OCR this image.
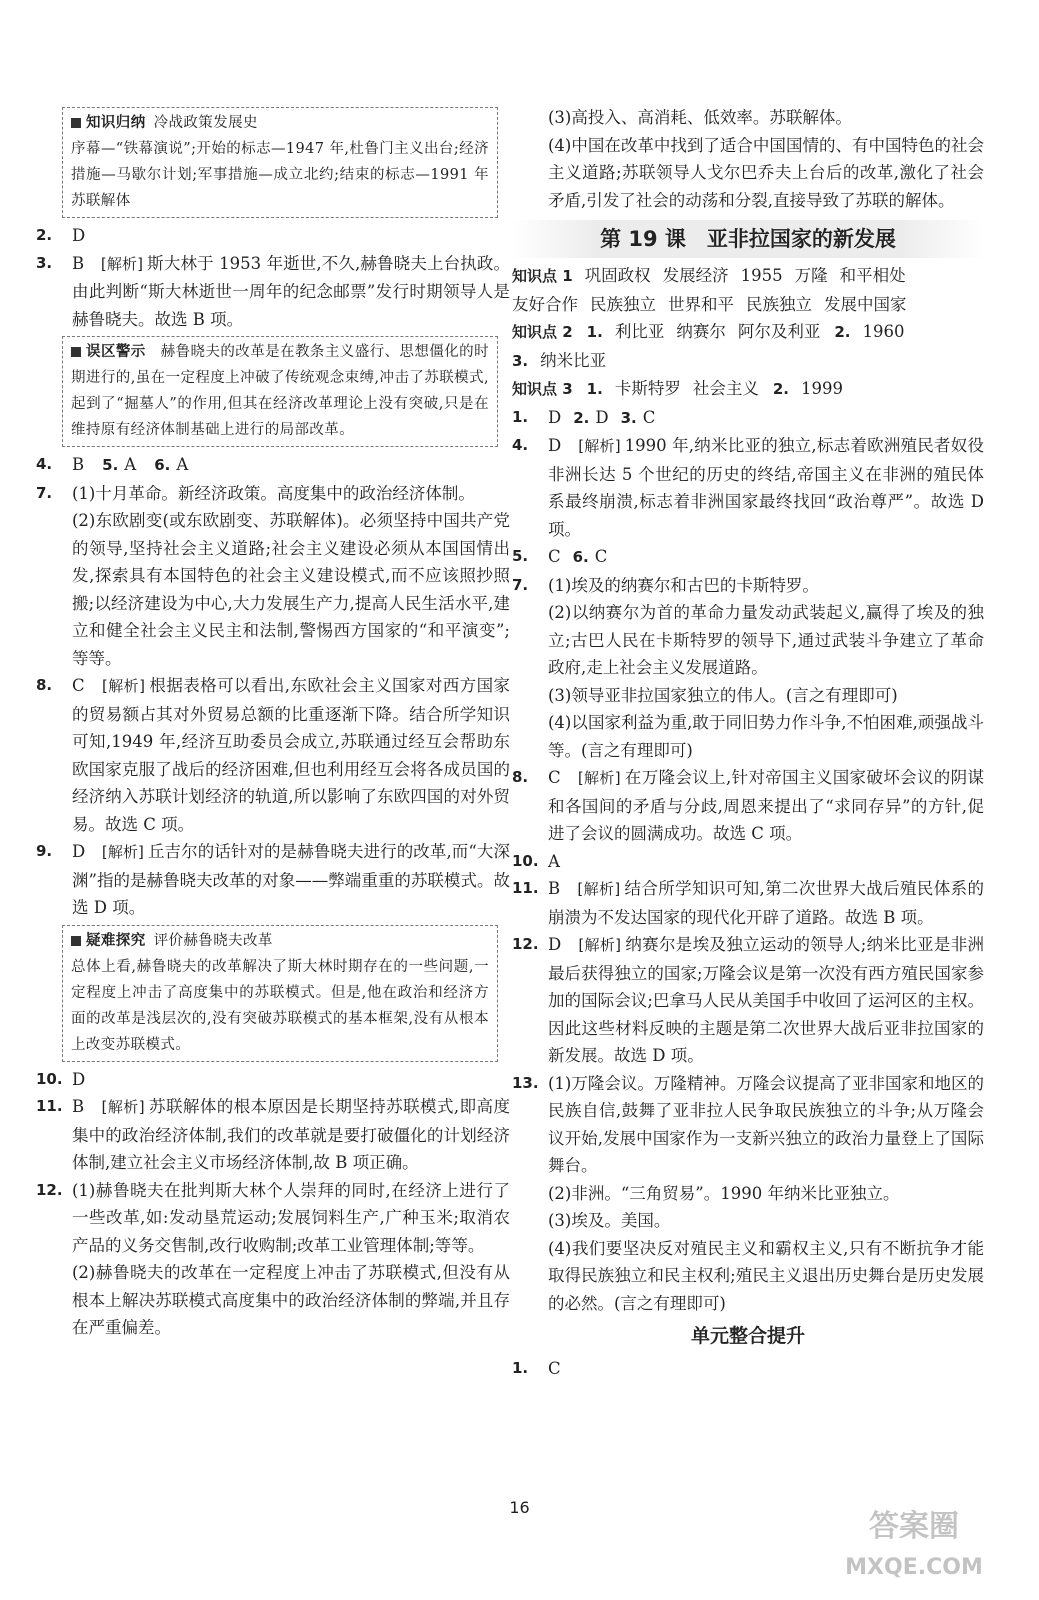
知识归纳 冷战政策发展史
序幕—“铁幕演说”;开始的标志—1947 年,杜鲁门主义出台;经济措施—马歇尔计划;军事措施—成立北约;结束的标志—1991 年苏联解体
2.	D
3.	B　 [解析] 斯大林于 1953 年逝世,不久,赫鲁晓夫上台执政。由此判断“斯大林逝世一周年的纪念邮票”发行时期领导人是赫鲁晓夫。故选 B 项。
误区警示　 赫鲁晓夫的改革是在教条主义盛行、思想僵化的时期进行的,虽在一定程度上冲破了传统观念束缚,冲击了苏联模式,起到了“掘墓人”的作用,但其在经济改革理论上没有突破,只是在维持原有经济体制基础上进行的局部改革。
4.	B 5. A 6. A
7.	(1)十月革命。新经济政策。高度集中的政治经济体制。

(2)东欧剧变(或东欧剧变、苏联解体)。必须坚持中国共产党的领导,坚持社会主义道路;社会主义建设必须从本国国情出发,探索具有本国特色的社会主义建设模式,而不应该照抄照搬;以经济建设为中心,大力发展生产力,提高人民生活水平,建立和健全社会主义民主和法制,警惕西方国家的“和平演变”;等等。

8.	C　 [解析] 根据表格可以看出,东欧社会主义国家对西方国家的贸易额占其对外贸易总额的比重逐渐下降。结合所学知识可知,1949 年,经济互助委员会成立,苏联通过经互会帮助东欧国家克服了战后的经济困难,但也利用经互会将各成员国的经济纳入苏联计划经济的轨道,所以影响了东欧四国的对外贸易。故选 C 项。
9.	D　 [解析] 丘吉尔的话针对的是赫鲁晓夫进行的改革,而“大深渊”指的是赫鲁晓夫改革的对象——弊端重重的苏联模式。故选 D 项。
疑难探究 评价赫鲁晓夫改革
总体上看,赫鲁晓夫的改革解决了斯大林时期存在的一些问题,一定程度上冲击了高度集中的苏联模式。但是,他在政治和经济方面的改革是浅层次的,没有突破苏联模式的基本框架,没有从根本上改变苏联模式。
10. D
11. B　 [解析] 苏联解体的根本原因是长期坚持苏联模式,即高度集中的政治经济体制,我们的改革就是要打破僵化的计划经济体制,建立社会主义市场经济体制,故 B 项正确。
12. (1)赫鲁晓夫在批判斯大林个人崇拜的同时,在经济上进行了一些改革,如:发动垦荒运动;发展饲料生产,广种玉米;取消农产品的义务交售制,改行收购制;改革工业管理体制;等等。

(2)赫鲁晓夫的改革在一定程度上冲击了苏联模式,但没有从根本上解决苏联模式高度集中的政治经济体制的弊端,并且存在严重偏差。

(3)高投入、高消耗、低效率。苏联解体。

(4)中国在改革中找到了适合中国国情的、有中国特色的社会主义道路;苏联领导人戈尔巴乔夫上台后的改革,激化了社会矛盾,引发了社会的动荡和分裂,直接导致了苏联的解体。

第 19 课　亚非拉国家的新发展
知识点 1 巩固政权 发展经济 1955 万隆 和平相处
友好合作 民族独立 世界和平 民族独立 发展中国家
知识点 2 1. 利比亚 纳赛尔 阿尔及利亚 2. 1960
3. 纳米比亚
知识点 3 1. 卡斯特罗 社会主义 2. 1999
1.	D 2. D 3. C
4.	D　 [解析] 1990 年,纳米比亚的独立,标志着欧洲殖民者奴役非洲长达 5 个世纪的历史的终结,帝国主义在非洲的殖民体系最终崩溃,标志着非洲国家最终找回“政治尊严”。故选 D 项。
5.	C 6. C
7.	(1)埃及的纳赛尔和古巴的卡斯特罗。

(2)以纳赛尔为首的革命力量发动武装起义,赢得了埃及的独立;古巴人民在卡斯特罗的领导下,通过武装斗争建立了革命政府,走上社会主义发展道路。

(3)领导亚非拉国家独立的伟人。(言之有理即可)

(4)以国家利益为重,敢于同旧势力作斗争,不怕困难,顽强战斗等。(言之有理即可)

8.	C　 [解析] 在万隆会议上,针对帝国主义国家破坏会议的阴谋和各国间的矛盾与分歧,周恩来提出了“求同存异”的方针,促进了会议的圆满成功。故选 C 项。
10. A
11. B　 [解析] 结合所学知识可知,第二次世界大战后殖民体系的崩溃为不发达国家的现代化开辟了道路。故选 B 项。
12. D　 [解析] 纳赛尔是埃及独立运动的领导人;纳米比亚是非洲最后获得独立的国家;万隆会议是第一次没有西方殖民国家参加的国际会议;巴拿马人民从美国手中收回了运河区的主权。因此这些材料反映的主题是第二次世界大战后亚非拉国家的新发展。故选 D 项。
13. (1)万隆会议。万隆精神。万隆会议提高了亚非国家和地区的民族自信,鼓舞了亚非拉人民争取民族独立的斗争;从万隆会议开始,发展中国家作为一支新兴独立的政治力量登上了国际舞台。

(2)非洲。“三角贸易”。1990 年纳米比亚独立。

(3)埃及。美国。

(4)我们要坚决反对殖民主义和霸权主义,只有不断抗争才能取得民族独立和民主权利;殖民主义退出历史舞台是历史发展的必然。(言之有理即可)

单元整合提升
1.	C
16
答案圈
MXQE.COM
